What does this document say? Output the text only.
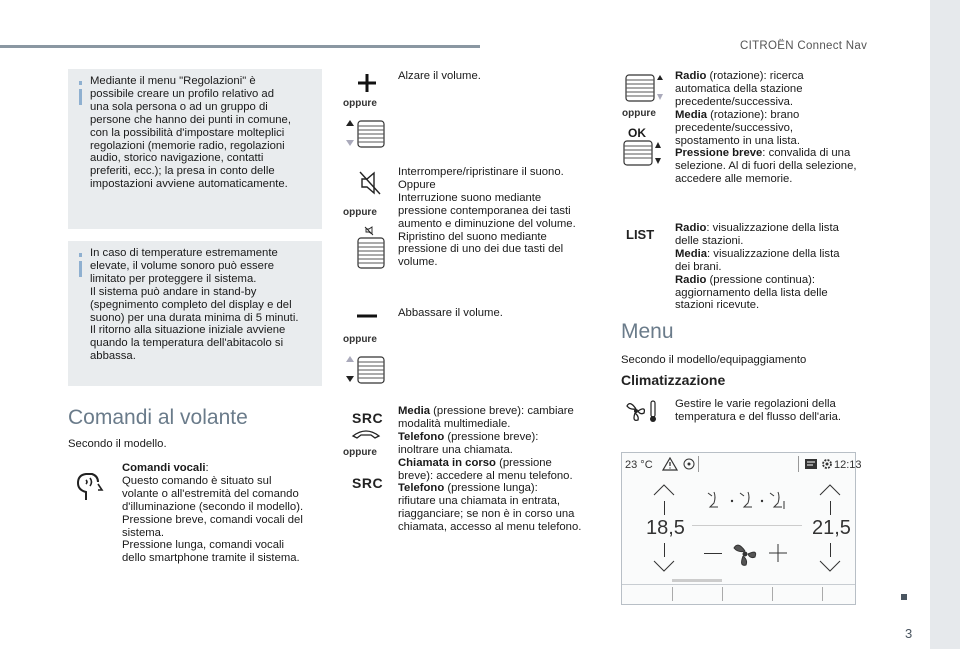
CITROËN Connect Nav
3
Mediante il menu "Regolazioni" è
possibile creare un profilo relativo ad
una sola persona o ad un gruppo di
persone che hanno dei punti in comune,
con la possibilità d'impostare molteplici
regolazioni (memorie radio, regolazioni
audio, storico navigazione, contatti
preferiti, ecc.); la presa in conto delle
impostazioni avviene automaticamente.
In caso di temperature estremamente
elevate, il volume sonoro può essere
limitato per proteggere il sistema.
Il sistema può andare in stand-by
(spegnimento completo del display e del
suono) per una durata minima di 5 minuti.
Il ritorno alla situazione iniziale avviene
quando la temperatura dell'abitacolo si
abbassa.
Comandi al volante
Secondo il modello.
Comandi vocali:
Questo comando è situato sul
volante o all'estremità del comando
d'illuminazione (secondo il modello).
Pressione breve, comandi vocali del
sistema.
Pressione lunga, comandi vocali
dello smartphone tramite il sistema.
oppure
Alzare il volume.
oppure
Interrompere/ripristinare il suono.
Oppure
Interruzione suono mediante
pressione contemporanea dei tasti
aumento e diminuzione del volume.
Ripristino del suono mediante
pressione di uno dei due tasti del
volume.
oppure
Abbassare il volume.
SRC
oppure
SRC
Media (pressione breve): cambiare
modalità multimediale.
Telefono (pressione breve):
inoltrare una chiamata.
Chiamata in corso (pressione
breve): accedere al menu telefono.
Telefono (pressione lunga):
rifiutare una chiamata in entrata,
riagganciare; se non è in corso una
chiamata, accesso al menu telefono.
oppure
OK
Radio (rotazione): ricerca
automatica della stazione
precedente/successiva.
Media (rotazione): brano
precedente/successivo,
spostamento in una lista.
Pressione breve: convalida di una
selezione. Al di fuori della selezione,
accedere alle memorie.
LIST Radio: visualizzazione della lista
delle stazioni.
Media: visualizzazione della lista
dei brani.
Radio (pressione continua):
aggiornamento della lista delle
stazioni ricevute.
Menu
Secondo il modello/equipaggiamento
Climatizzazione
Gestire le varie regolazioni della
temperatura e del flusso dell'aria.
23 °C	12:13
18,5	21,5
